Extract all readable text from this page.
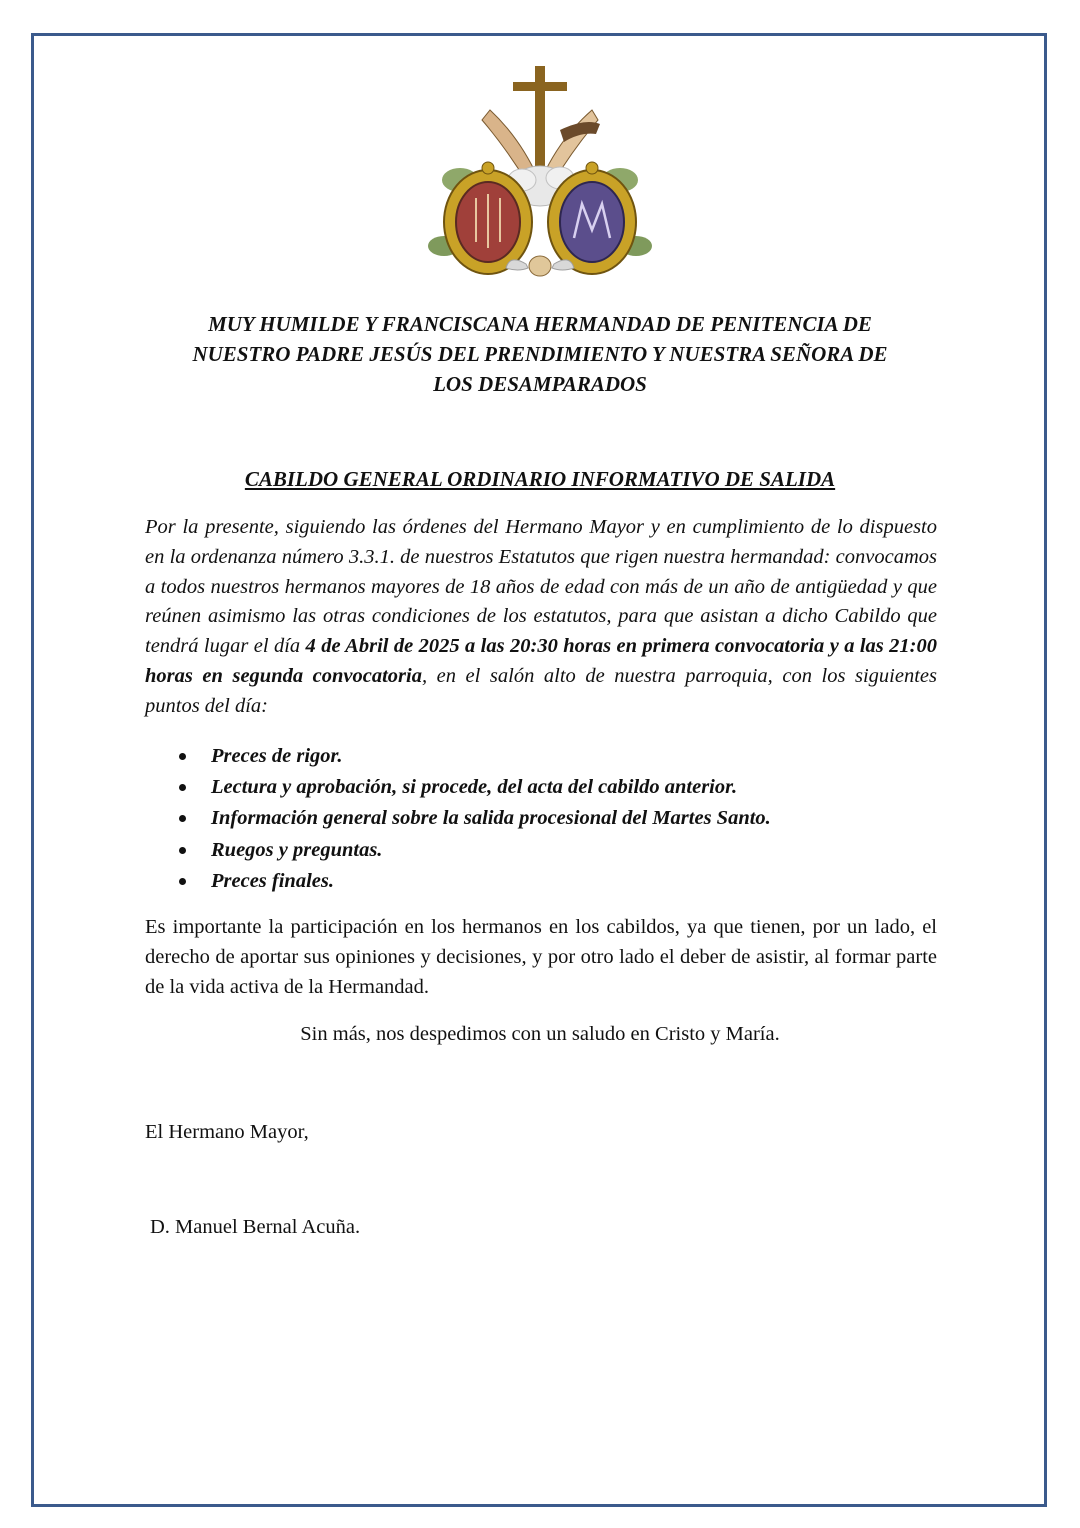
MUY HUMILDE Y FRANCISCANA HERMANDAD DE PENITENCIA DE
NUESTRO PADRE JESÚS DEL PRENDIMIENTO Y NUESTRA SEÑORA DE
LOS DESAMPARADOS
CABILDO GENERAL ORDINARIO INFORMATIVO DE SALIDA

Por la presente, siguiendo las órdenes del Hermano Mayor y en cumplimiento de lo dispuesto en la ordenanza número 3.3.1. de nuestros Estatutos que rigen nuestra hermandad: convocamos a todos nuestros hermanos mayores de 18 años de edad con más de un año de antigüedad y que reúnen asimismo las otras condiciones de los estatutos, para que asistan a dicho Cabildo que tendrá lugar el día 4 de Abril de 2025 a las 20:30 horas en primera convocatoria y a las 21:00 horas en segunda convocatoria, en el salón alto de nuestra parroquia, con los siguientes puntos del día:

Preces de rigor.
Lectura y aprobación, si procede, del acta del cabildo anterior.
Información general sobre la salida procesional del Martes Santo.
Ruegos y preguntas.
Preces finales.

Es importante la participación en los hermanos en los cabildos, ya que tienen, por un lado, el derecho de aportar sus opiniones y decisiones, y por otro lado el deber de asistir, al formar parte de la vida activa de la Hermandad.

Sin más, nos despedimos con un saludo en Cristo y María.

El Hermano Mayor,

D. Manuel Bernal Acuña.
